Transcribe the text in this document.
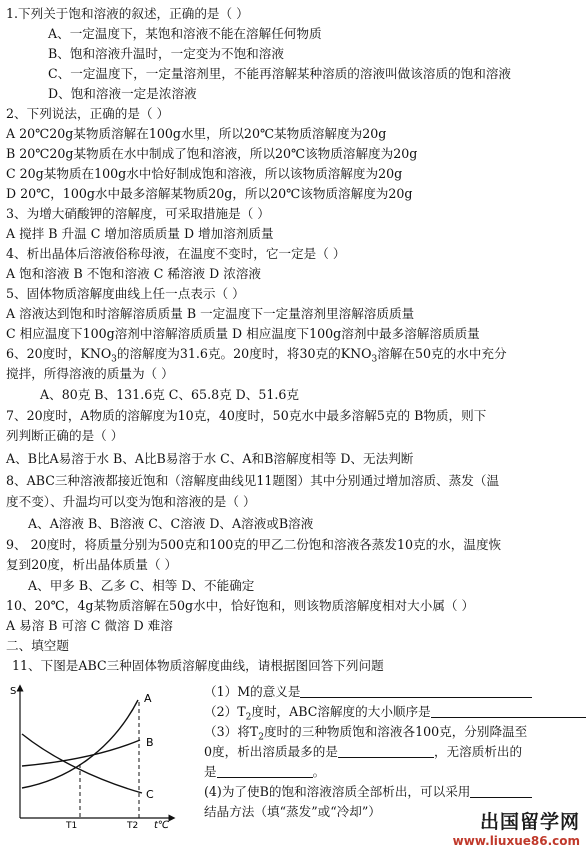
1.下列关于饱和溶液的叙述，正确的是（ ）
A、一定温度下，某饱和溶液不能在溶解任何物质
B、饱和溶液升温时，一定变为不饱和溶液
C、一定温度下，一定量溶剂里，不能再溶解某种溶质的溶液叫做该溶质的饱和溶液
D、饱和溶液一定是浓溶液
2、下列说法，正确的是（ ）
A 20℃20g某物质溶解在100g水里，所以20℃某物质溶解度为20g
B 20℃20g某物质在水中制成了饱和溶液，所以20℃该物质溶解度为20g
C 20g某物质在100g水中恰好制成饱和溶液，所以该物质溶解度为20g
D 20℃，100g水中最多溶解某物质20g，所以20℃该物质溶解度为20g
3、为增大硝酸钾的溶解度，可采取措施是（ ）
A 搅拌 B 升温 C 增加溶质质量 D 增加溶剂质量
4、析出晶体后溶液俗称母液，在温度不变时，它一定是（ ）
A 饱和溶液 B 不饱和溶液 C 稀溶液 D 浓溶液
5、固体物质溶解度曲线上任一点表示（ ）
A 溶液达到饱和时溶解溶质质量 B 一定温度下一定量溶剂里溶解溶质质量
C 相应温度下100g溶剂中溶解溶质质量 D 相应温度下100g溶剂中最多溶解溶质质量
6、20度时，$KNO_3$的溶解度为31.6克。20度时，将30克的$KNO_3$溶解在50克的水中充分
搅拌，所得溶液的质量为（ ）
A、80克 B、131.6克 C、65.8克 D、51.6克
7、20度时，A物质的溶解度为10克，40度时，50克水中最多溶解5克的 B物质，则下
列判断正确的是（ ）
A、B比A易溶于水 B、A比B易溶于水 C、A和B溶解度相等 D、无法判断
8、ABC三种溶液都接近饱和（溶解度曲线见11题图）其中分别通过增加溶质、蒸发（温
度不变）、升温均可以变为饱和溶液的是（ ）
A、A溶液 B、B溶液 C、C溶液 D、A溶液或B溶液
9、 20度时，将质量分别为500克和100克的甲乙二份饱和溶液各蒸发10克的水，温度恢
复到20度，析出晶体质量（ ）
A、甲多 B、乙多 C、相等 D、不能确定
10、20℃，4g某物质溶解在50g水中，恰好饱和，则该物质溶解度相对大小属（ ）
A 易溶 B 可溶 C 微溶 D 难溶
二、填空题
11、下图是ABC三种固体物质溶解度曲线，请根据图回答下列问题
S
t℃
A
B
C
T1	T2
（1）M的意义是
$(2)T_2$度时，ABC溶解度的大小顺序是
（3）将$T_2$度时的三种物质饱和溶液各100克，分别降温至
0度，析出溶质最多的是	，无溶质析出的
是	。
(4)为了使B的饱和溶液溶质全部析出，可以采用
结晶方法（填“蒸发”或“冷却”）	出国留学网
www.liuxue86.com
